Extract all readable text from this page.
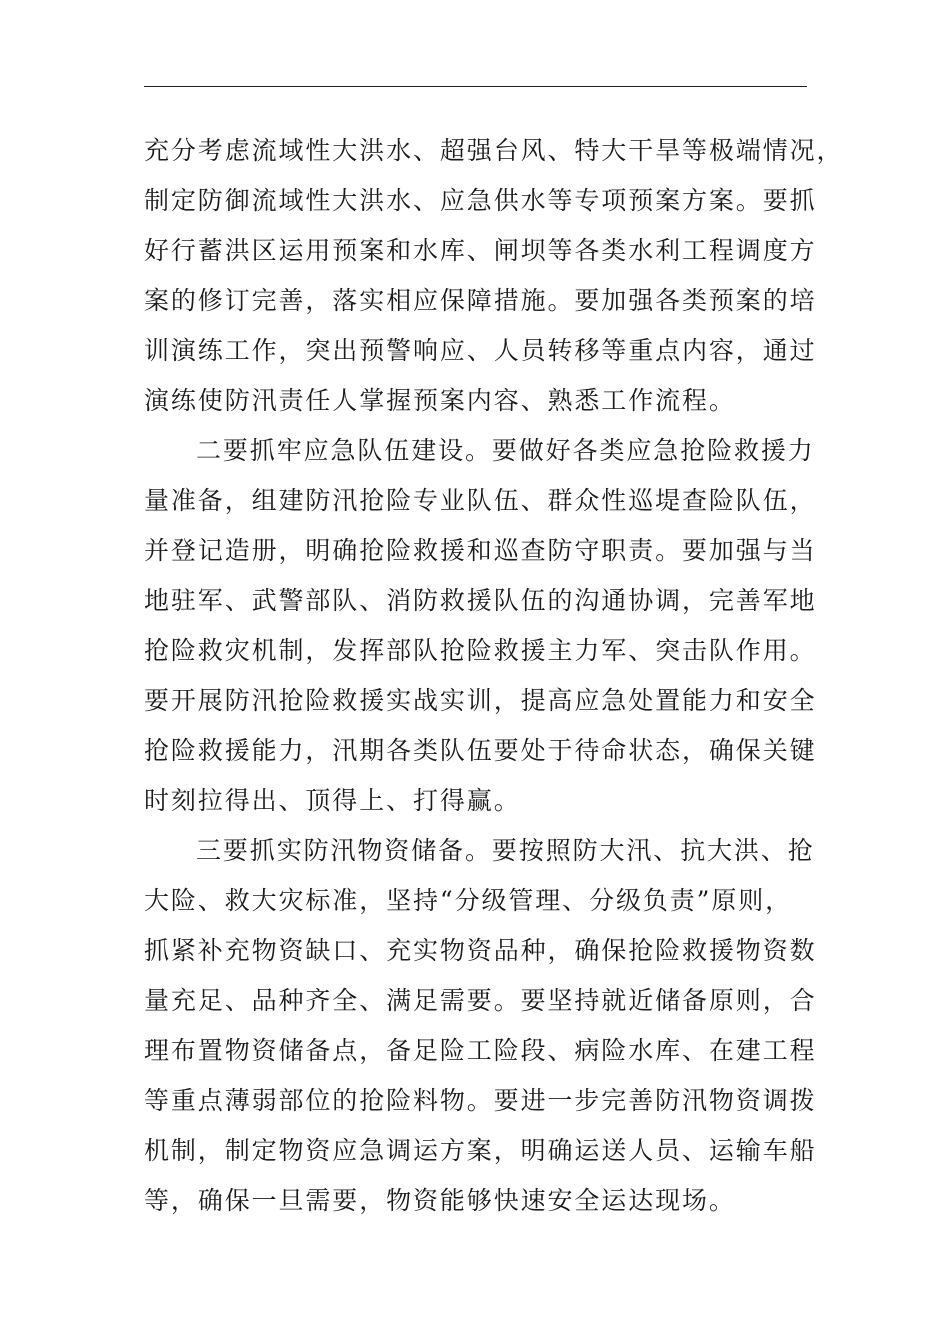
充分考虑流域性大洪水、超强台风、特大干旱等极端情况，
制定防御流域性大洪水、应急供水等专项预案方案。要抓
好行蓄洪区运用预案和水库、闸坝等各类水利工程调度方
案的修订完善，落实相应保障措施。要加强各类预案的培
训演练工作，突出预警响应、人员转移等重点内容，通过
演练使防汛责任人掌握预案内容、熟悉工作流程。
二要抓牢应急队伍建设。要做好各类应急抢险救援力
量准备，组建防汛抢险专业队伍、群众性巡堤查险队伍，
并登记造册，明确抢险救援和巡查防守职责。要加强与当
地驻军、武警部队、消防救援队伍的沟通协调，完善军地
抢险救灾机制，发挥部队抢险救援主力军、突击队作用。
要开展防汛抢险救援实战实训，提高应急处置能力和安全
抢险救援能力，汛期各类队伍要处于待命状态，确保关键
时刻拉得出、顶得上、打得赢。
三要抓实防汛物资储备。要按照防大汛、抗大洪、抢
大险、救大灾标准，坚持“分级管理、分级负责”原则，
抓紧补充物资缺口、充实物资品种，确保抢险救援物资数
量充足、品种齐全、满足需要。要坚持就近储备原则，合
理布置物资储备点，备足险工险段、病险水库、在建工程
等重点薄弱部位的抢险料物。要进一步完善防汛物资调拨
机制，制定物资应急调运方案，明确运送人员、运输车船
等，确保一旦需要，物资能够快速安全运达现场。
